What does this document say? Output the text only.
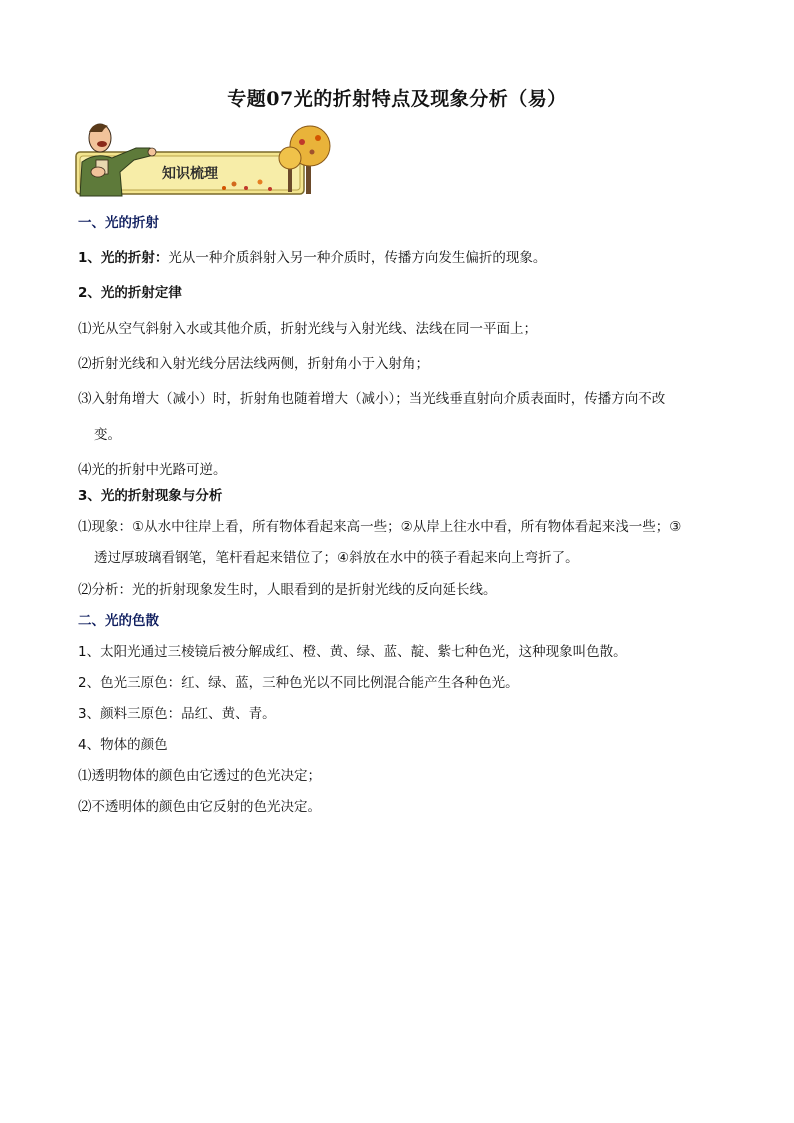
专题07光的折射特点及现象分析（易）
知识梳理
一、光的折射
1、光的折射：光从一种介质斜射入另一种介质时，传播方向发生偏折的现象。
2、光的折射定律
⑴光从空气斜射入水或其他介质，折射光线与入射光线、法线在同一平面上；
⑵折射光线和入射光线分居法线两侧，折射角小于入射角；
⑶入射角增大（减小）时，折射角也随着增大（减小）；当光线垂直射向介质表面时，传播方向不改
变。
⑷光的折射中光路可逆。
3、光的折射现象与分析
⑴现象：①从水中往岸上看，所有物体看起来高一些；②从岸上往水中看，所有物体看起来浅一些；③
透过厚玻璃看钢笔，笔杆看起来错位了；④斜放在水中的筷子看起来向上弯折了。
⑵分析：光的折射现象发生时，人眼看到的是折射光线的反向延长线。
二、光的色散
1、太阳光通过三棱镜后被分解成红、橙、黄、绿、蓝、靛、紫七种色光，这种现象叫色散。
2、色光三原色：红、绿、蓝，三种色光以不同比例混合能产生各种色光。
3、颜料三原色：品红、黄、青。
4、物体的颜色
⑴透明物体的颜色由它透过的色光决定；
⑵不透明体的颜色由它反射的色光决定。
